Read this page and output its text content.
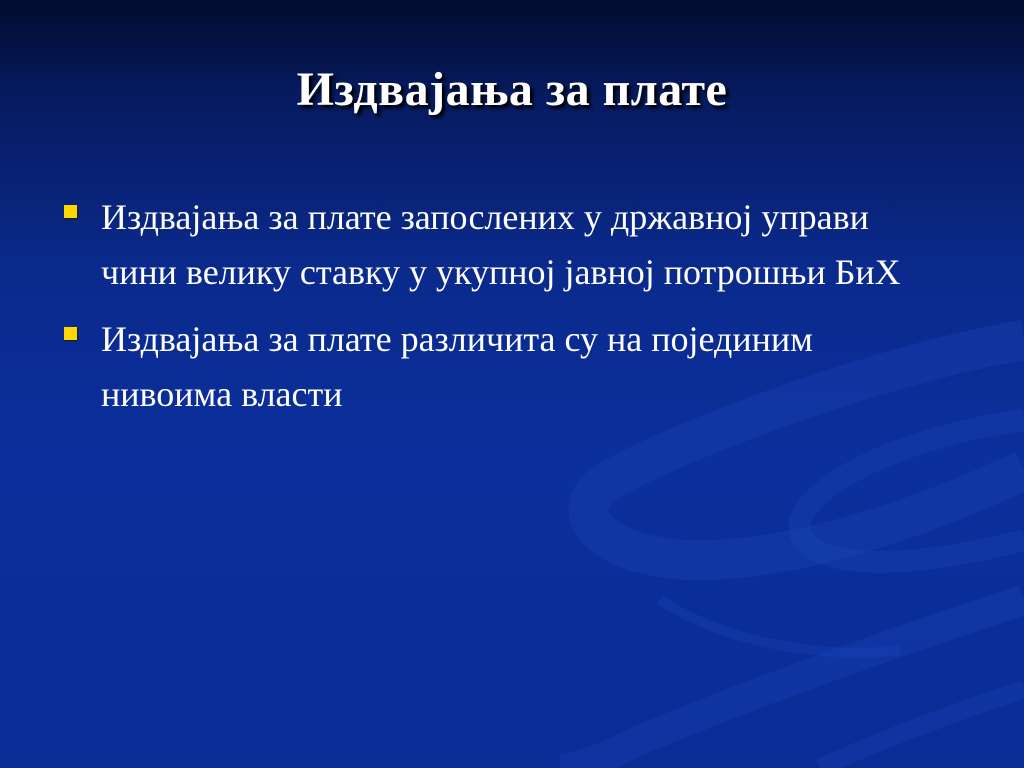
Издвајања за плате
Издвајања за плате запослених у државној управи чини велику ставку у укупној јавној потрошњи БиХ
Издвајања за плате различита су на појединим нивоима власти
